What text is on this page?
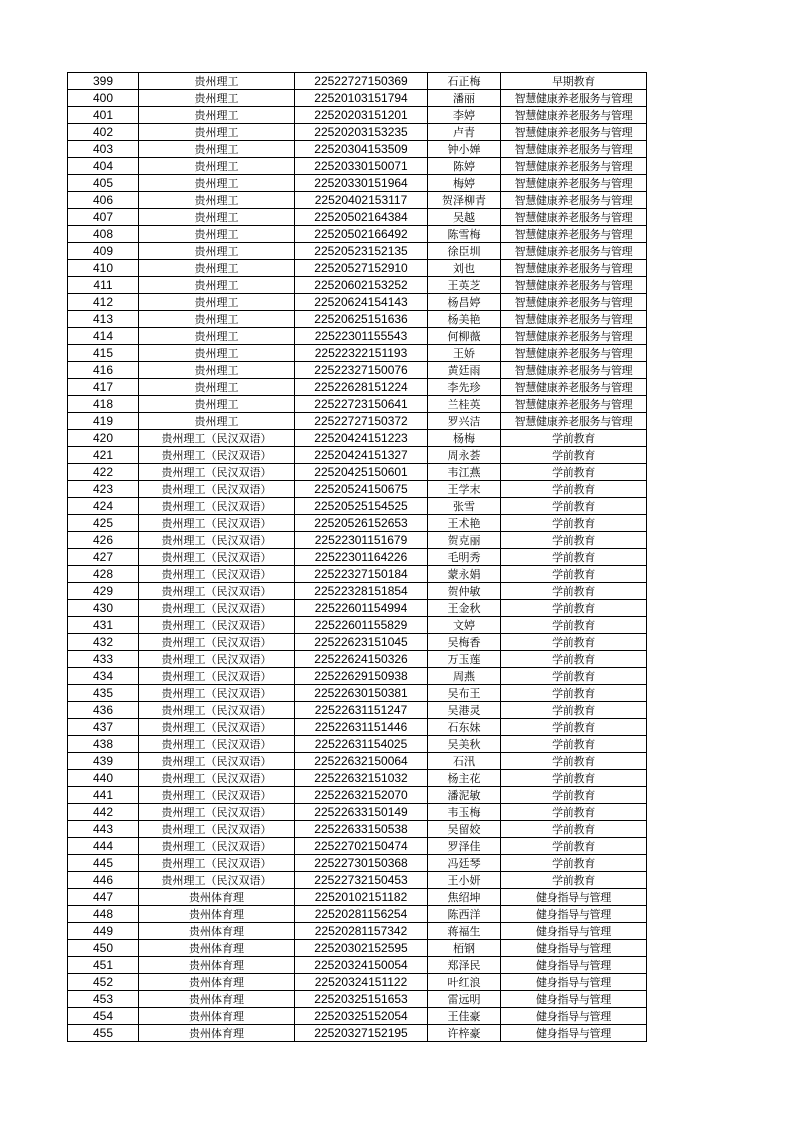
399	贵州理工	22522727150369	石正梅	早期教育
400	贵州理工	22520103151794	潘丽	智慧健康养老服务与管理
401	贵州理工	22520203151201	李婷	智慧健康养老服务与管理
402	贵州理工	22520203153235	卢青	智慧健康养老服务与管理
403	贵州理工	22520304153509	钟小婵	智慧健康养老服务与管理
404	贵州理工	22520330150071	陈婷	智慧健康养老服务与管理
405	贵州理工	22520330151964	梅婷	智慧健康养老服务与管理
406	贵州理工	22520402153117	贺泽柳青	智慧健康养老服务与管理
407	贵州理工	22520502164384	吴越	智慧健康养老服务与管理
408	贵州理工	22520502166492	陈雪梅	智慧健康养老服务与管理
409	贵州理工	22520523152135	徐臣圳	智慧健康养老服务与管理
410	贵州理工	22520527152910	刘也	智慧健康养老服务与管理
411	贵州理工	22520602153252	王英芝	智慧健康养老服务与管理
412	贵州理工	22520624154143	杨昌婷	智慧健康养老服务与管理
413	贵州理工	22520625151636	杨美艳	智慧健康养老服务与管理
414	贵州理工	22522301155543	何柳薇	智慧健康养老服务与管理
415	贵州理工	22522322151193	王娇	智慧健康养老服务与管理
416	贵州理工	22522327150076	黄廷雨	智慧健康养老服务与管理
417	贵州理工	22522628151224	李先珍	智慧健康养老服务与管理
418	贵州理工	22522723150641	兰桂英	智慧健康养老服务与管理
419	贵州理工	22522727150372	罗兴洁	智慧健康养老服务与管理
420	贵州理工（民汉双语）	22520424151223	杨梅	学前教育
421	贵州理工（民汉双语）	22520424151327	周永荟	学前教育
422	贵州理工（民汉双语）	22520425150601	韦江燕	学前教育
423	贵州理工（民汉双语）	22520524150675	王学末	学前教育
424	贵州理工（民汉双语）	22520525154525	张雪	学前教育
425	贵州理工（民汉双语）	22520526152653	王术艳	学前教育
426	贵州理工（民汉双语）	22522301151679	贺克丽	学前教育
427	贵州理工（民汉双语）	22522301164226	毛明秀	学前教育
428	贵州理工（民汉双语）	22522327150184	蒙永娟	学前教育
429	贵州理工（民汉双语）	22522328151854	贺仲敏	学前教育
430	贵州理工（民汉双语）	22522601154994	王金秋	学前教育
431	贵州理工（民汉双语）	22522601155829	文婷	学前教育
432	贵州理工（民汉双语）	22522623151045	吴梅香	学前教育
433	贵州理工（民汉双语）	22522624150326	万玉莲	学前教育
434	贵州理工（民汉双语）	22522629150938	周燕	学前教育
435	贵州理工（民汉双语）	22522630150381	吴布王	学前教育
436	贵州理工（民汉双语）	22522631151247	吴港灵	学前教育
437	贵州理工（民汉双语）	22522631151446	石东妹	学前教育
438	贵州理工（民汉双语）	22522631154025	吴美秋	学前教育
439	贵州理工（民汉双语）	22522632150064	石汛	学前教育
440	贵州理工（民汉双语）	22522632151032	杨主花	学前教育
441	贵州理工（民汉双语）	22522632152070	潘泥敏	学前教育
442	贵州理工（民汉双语）	22522633150149	韦玉梅	学前教育
443	贵州理工（民汉双语）	22522633150538	吴留姣	学前教育
444	贵州理工（民汉双语）	22522702150474	罗泽佳	学前教育
445	贵州理工（民汉双语）	22522730150368	冯廷琴	学前教育
446	贵州理工（民汉双语）	22522732150453	王小妍	学前教育
447	贵州体育理	22520102151182	焦绍坤	健身指导与管理
448	贵州体育理	22520281156254	陈西洋	健身指导与管理
449	贵州体育理	22520281157342	蒋福生	健身指导与管理
450	贵州体育理	22520302152595	栢钢	健身指导与管理
451	贵州体育理	22520324150054	郑泽民	健身指导与管理
452	贵州体育理	22520324151122	叶红浪	健身指导与管理
453	贵州体育理	22520325151653	雷远明	健身指导与管理
454	贵州体育理	22520325152054	王佳豪	健身指导与管理
455	贵州体育理	22520327152195	许梓豪	健身指导与管理
